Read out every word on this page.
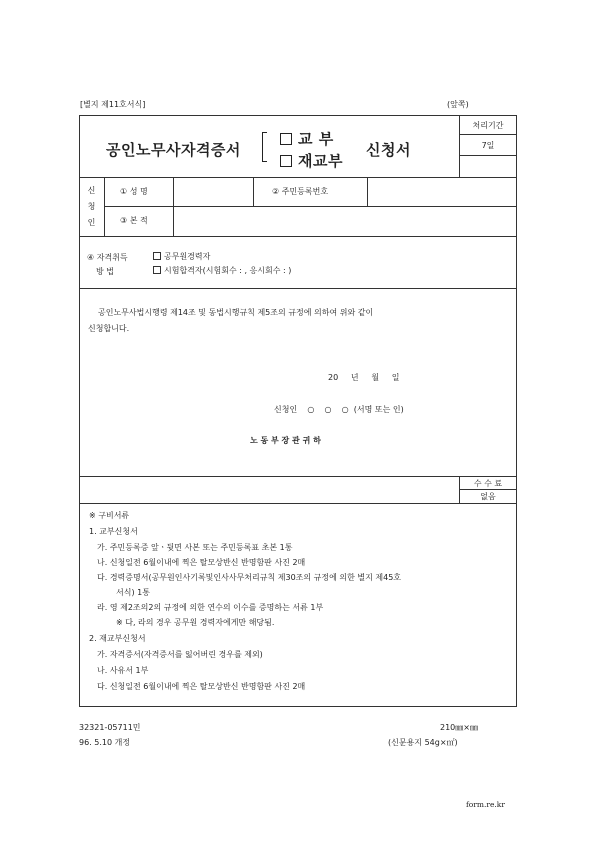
[별지 제11호서식]	(앞쪽)
공인노무사자격증서
교 부
재교부
신청서
처리기간
7일
신
청
인
① 성 명	② 주민등록번호
③ 본 적
④ 자격취득
방 법
공무원경력자
시험합격자(시험회수 : , 응시회수 : )
공인노무사법시행령 제14조 및 동법시행규칙 제5조의 규정에 의하여 위와 같이
신청합니다.
20     년     월     일
신청인    ○    ○    ○  (서명 또는 인)
노 동 부 장 관 귀 하
수 수 료
없음
※ 구비서류
1. 교부신청서
가. 주민등록증 앞ㆍ뒷면 사본 또는 주민등록표 초본 1통
나. 신청일전 6월이내에 찍은 탈모상반신 반명함판 사진 2매
다. 경력증명서(공무원인사기록및인사사무처리규칙 제30조의 규정에 의한 별지 제45호
서식) 1통
라. 영 제2조의2의 규정에 의한 연수의 이수를 증명하는 서류 1부
※ 다, 라의 경우 공무원 경력자에게만 해당됨.
2. 재교부신청서
가. 자격증서(자격증서를 잃어버린 경우를 제외)
나. 사유서 1부
다. 신청일전 6월이내에 찍은 탈모상반신 반명함판 사진 2매
32321-05711민
96. 5.10 개정
210㎜×㎜
(신문용지 54g×㎡)
form.re.kr
